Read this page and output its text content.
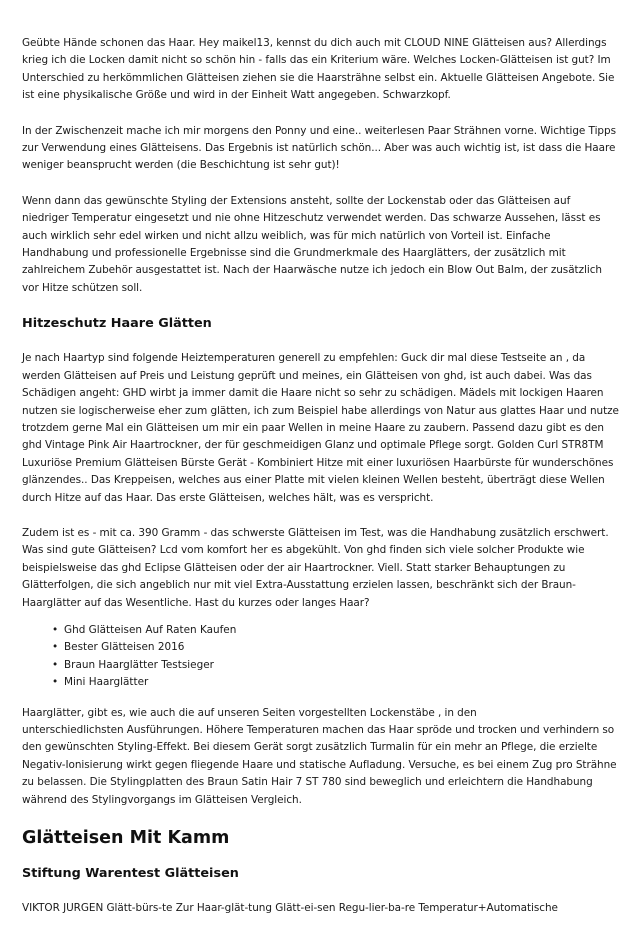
Geübte Hände schonen das Haar. Hey maikel13, kennst du dich auch mit CLOUD NINE Glätteisen aus? Allerdings krieg ich die Locken damit nicht so schön hin - falls das ein Kriterium wäre. Welches Locken-Glätteisen ist gut? Im Unterschied zu herkömmlichen Glätteisen ziehen sie die Haarsträhne selbst ein. Aktuelle Glätteisen Angebote. Sie ist eine physikalische Größe und wird in der Einheit Watt angegeben. Schwarzkopf.

In der Zwischenzeit mache ich mir morgens den Ponny und eine.. weiterlesen Paar Strähnen vorne. Wichtige Tipps zur Verwendung eines Glätteisens. Das Ergebnis ist natürlich schön... Aber was auch wichtig ist, ist dass die Haare weniger beansprucht werden (die Beschichtung ist sehr gut)!

Wenn dann das gewünschte Styling der Extensions ansteht, sollte der Lockenstab oder das Glätteisen auf niedriger Temperatur eingesetzt und nie ohne Hitzeschutz verwendet werden. Das schwarze Aussehen, lässt es auch wirklich sehr edel wirken und nicht allzu weiblich, was für mich natürlich von Vorteil ist. Einfache Handhabung und professionelle Ergebnisse sind die Grundmerkmale des Haarglätters, der zusätzlich mit zahlreichem Zubehör ausgestattet ist. Nach der Haarwäsche nutze ich jedoch ein Blow Out Balm, der zusätzlich vor Hitze schützen soll.

Hitzeschutz Haare Glätten

Je nach Haartyp sind folgende Heiztemperaturen generell zu empfehlen: Guck dir mal diese Testseite an , da werden Glätteisen auf Preis und Leistung geprüft und meines, ein Glätteisen von ghd, ist auch dabei. Was das Schädigen angeht: GHD wirbt ja immer damit die Haare nicht so sehr zu schädigen. Mädels mit lockigen Haaren nutzen sie logischerweise eher zum glätten, ich zum Beispiel habe allerdings von Natur aus glattes Haar und nutze trotzdem gerne Mal ein Glätteisen um mir ein paar Wellen in meine Haare zu zaubern. Passend dazu gibt es den ghd Vintage Pink Air Haartrockner, der für geschmeidigen Glanz und optimale Pflege sorgt. Golden Curl STR8TM Luxuriöse Premium Glätteisen Bürste Gerät - Kombiniert Hitze mit einer luxuriösen Haarbürste für wunderschönes glänzendes.. Das Kreppeisen, welches aus einer Platte mit vielen kleinen Wellen besteht, überträgt diese Wellen durch Hitze auf das Haar. Das erste Glätteisen, welches hält, was es verspricht.

Zudem ist es - mit ca. 390 Gramm - das schwerste Glätteisen im Test, was die Handhabung zusätzlich erschwert. Was sind gute Glätteisen? Lcd vom komfort her es abgekühlt. Von ghd finden sich viele solcher Produkte wie beispielsweise das ghd Eclipse Glätteisen oder der air Haartrockner. Viell. Statt starker Behauptungen zu Glätterfolgen, die sich angeblich nur mit viel Extra-Ausstattung erzielen lassen, beschränkt sich der Braun-Haarglätter auf das Wesentliche. Hast du kurzes oder langes Haar?

• Ghd Glätteisen Auf Raten Kaufen
• Bester Glätteisen 2016
• Braun Haarglätter Testsieger
• Mini Haarglätter

Haarglätter, gibt es, wie auch die auf unseren Seiten vorgestellten Lockenstäbe , in den
unterschiedlichsten Ausführungen. Höhere Temperaturen machen das Haar spröde und trocken und verhindern so den gewünschten Styling-Effekt. Bei diesem Gerät sorgt zusätzlich Turmalin für ein mehr an Pflege, die erzielte Negativ-Ionisierung wirkt gegen fliegende Haare und statische Aufladung. Versuche, es bei einem Zug pro Strähne zu belassen. Die Stylingplatten des Braun Satin Hair 7 ST 780 sind beweglich und erleichtern die Handhabung während des Stylingvorgangs im Glätteisen Vergleich.

Glätteisen Mit Kamm
Stiftung Warentest Glätteisen

VIKTOR JURGEN Glätt-bürs-te Zur Haar-glät-tung Glätt-ei-sen Regu-lier-ba-re Temperatur+Automatische
